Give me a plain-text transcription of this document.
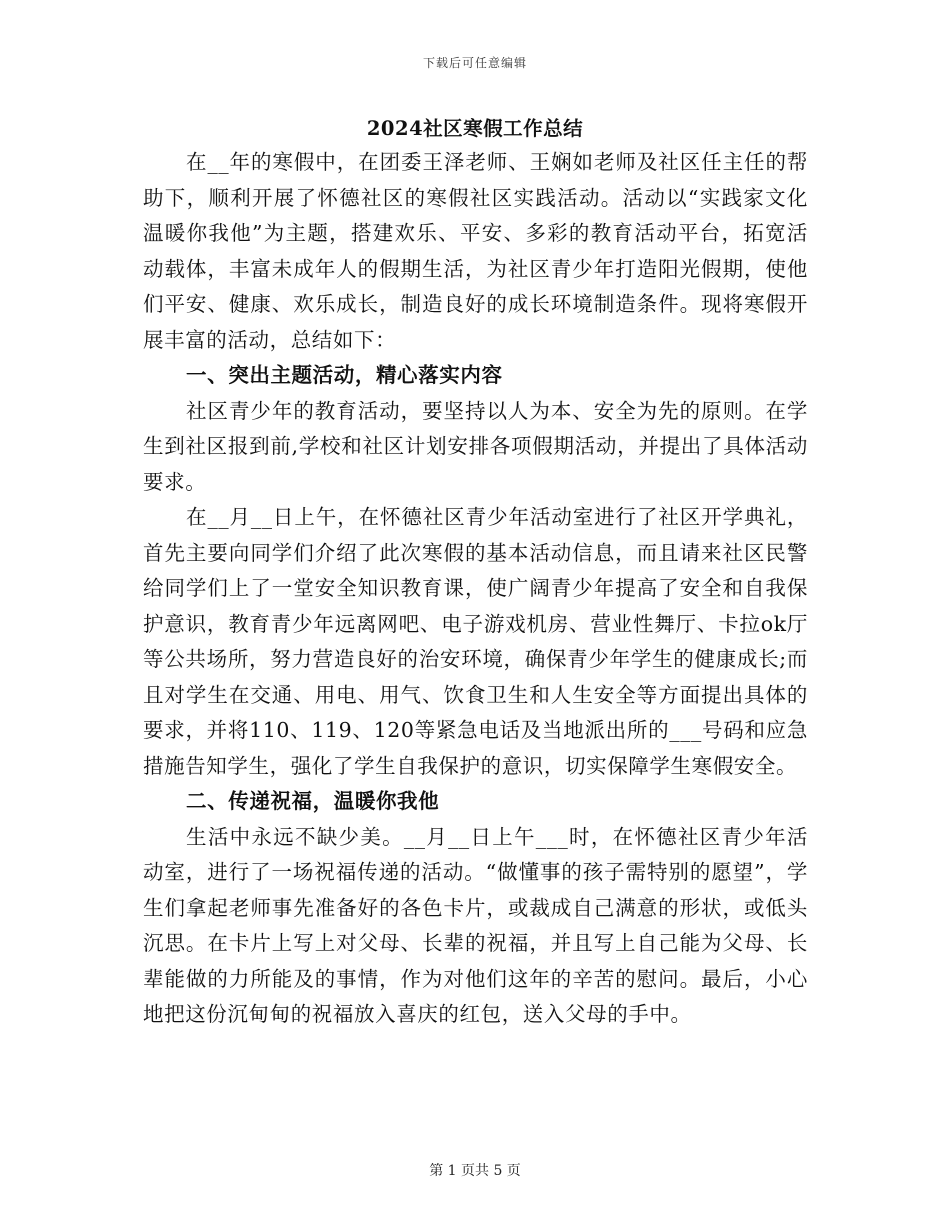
下载后可任意编辑
2024社区寒假工作总结

在__年的寒假中，在团委王泽老师、王娴如老师及社区任主任的帮助下，顺利开展了怀德社区的寒假社区实践活动。活动以“实践家文化温暖你我他”为主题，搭建欢乐、平安、多彩的教育活动平台，拓宽活动载体，丰富未成年人的假期生活，为社区青少年打造阳光假期，使他们平安、健康、欢乐成长，制造良好的成长环境制造条件。现将寒假开展丰富的活动，总结如下：

一、突出主题活动，精心落实内容

社区青少年的教育活动，要坚持以人为本、安全为先的原则。在学生到社区报到前,学校和社区计划安排各项假期活动，并提出了具体活动要求。

在__月__日上午，在怀德社区青少年活动室进行了社区开学典礼，首先主要向同学们介绍了此次寒假的基本活动信息，而且请来社区民警给同学们上了一堂安全知识教育课，使广阔青少年提高了安全和自我保护意识，教育青少年远离网吧、电子游戏机房、营业性舞厅、卡拉ok厅等公共场所，努力营造良好的治安环境，确保青少年学生的健康成长;而且对学生在交通、用电、用气、饮食卫生和人生安全等方面提出具体的要求，并将110、119、120等紧急电话及当地派出所的___号码和应急措施告知学生，强化了学生自我保护的意识，切实保障学生寒假安全。

二、传递祝福，温暖你我他

生活中永远不缺少美。__月__日上午___时，在怀德社区青少年活动室，进行了一场祝福传递的活动。“做懂事的孩子需特别的愿望”，学生们拿起老师事先准备好的各色卡片，或裁成自己满意的形状，或低头沉思。在卡片上写上对父母、长辈的祝福，并且写上自己能为父母、长辈能做的力所能及的事情，作为对他们这年的辛苦的慰问。最后，小心地把这份沉甸甸的祝福放入喜庆的红包，送入父母的手中。

第 1 页共 5 页
